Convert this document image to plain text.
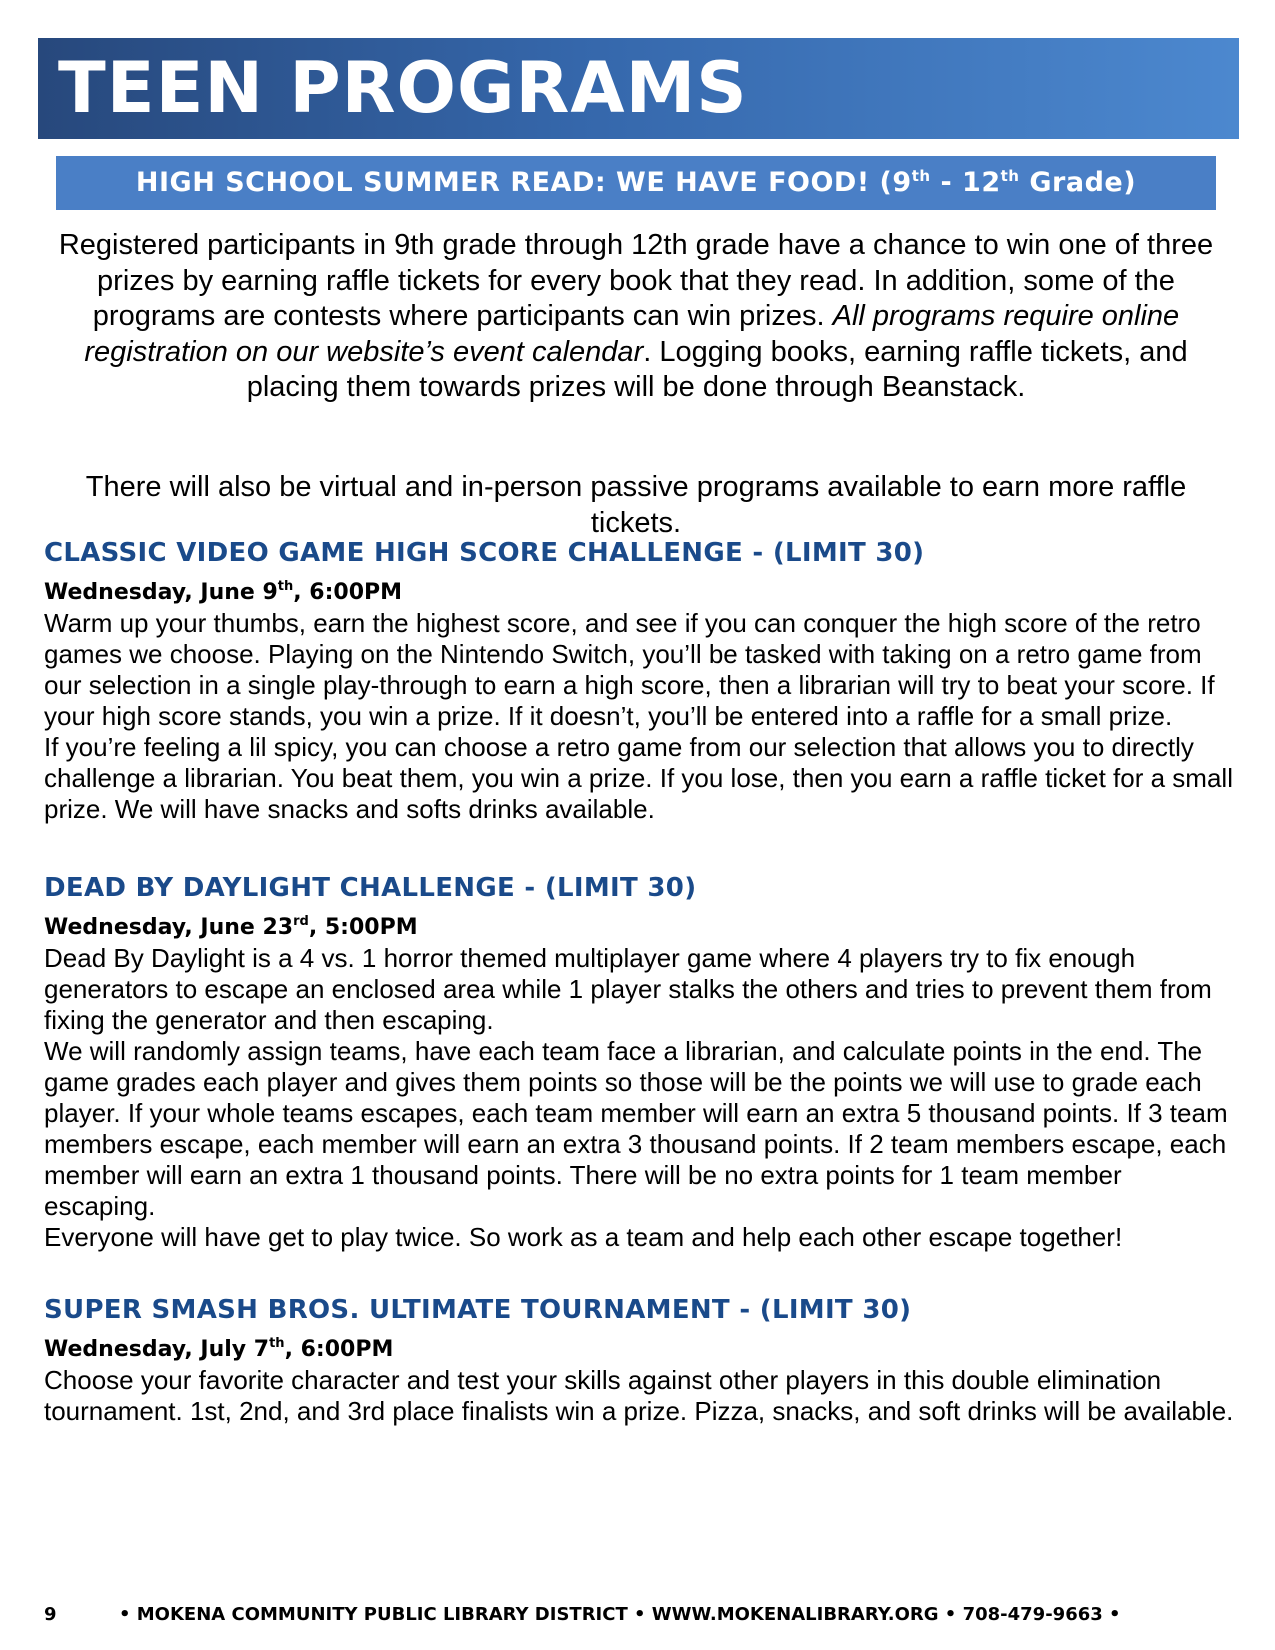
TEEN PROGRAMS
HIGH SCHOOL SUMMER READ: WE HAVE FOOD! (9th - 12th Grade)

Registered participants in 9th grade through 12th grade have a chance to win one of three prizes by earning raffle tickets for every book that they read. In addition, some of the programs are contests where participants can win prizes. All programs require online registration on our website’s event calendar. Logging books, earning raffle tickets, and placing them towards prizes will be done through Beanstack.

There will also be virtual and in-person passive programs available to earn more raffle tickets.

CLASSIC VIDEO GAME HIGH SCORE CHALLENGE - (LIMIT 30)
Wednesday, June 9th, 6:00PM

Warm up your thumbs, earn the highest score, and see if you can conquer the high score of the retro games we choose. Playing on the Nintendo Switch, you’ll be tasked with taking on a retro game from our selection in a single play-through to earn a high score, then a librarian will try to beat your score. If your high score stands, you win a prize. If it doesn’t, you’ll be entered into a raffle for a small prize.

If you’re feeling a lil spicy, you can choose a retro game from our selection that allows you to directly challenge a librarian. You beat them, you win a prize. If you lose, then you earn a raffle ticket for a small prize. We will have snacks and softs drinks available.

DEAD BY DAYLIGHT CHALLENGE - (LIMIT 30)
Wednesday, June 23rd, 5:00PM

Dead By Daylight is a 4 vs. 1 horror themed multiplayer game where 4 players try to fix enough generators to escape an enclosed area while 1 player stalks the others and tries to prevent them from fixing the generator and then escaping.

We will randomly assign teams, have each team face a librarian, and calculate points in the end. The game grades each player and gives them points so those will be the points we will use to grade each player. If your whole teams escapes, each team member will earn an extra 5 thousand points. If 3 team members escape, each member will earn an extra 3 thousand points. If 2 team members escape, each member will earn an extra 1 thousand points. There will be no extra points for 1 team member escaping.

Everyone will have get to play twice. So work as a team and help each other escape together!

SUPER SMASH BROS. ULTIMATE TOURNAMENT - (LIMIT 30)
Wednesday, July 7th, 6:00PM

Choose your favorite character and test your skills against other players in this double elimination tournament. 1st, 2nd, and 3rd place finalists win a prize. Pizza, snacks, and soft drinks will be available.

9	• MOKENA COMMUNITY PUBLIC LIBRARY DISTRICT • WWW.MOKENALIBRARY.ORG • 708-479-9663 •
